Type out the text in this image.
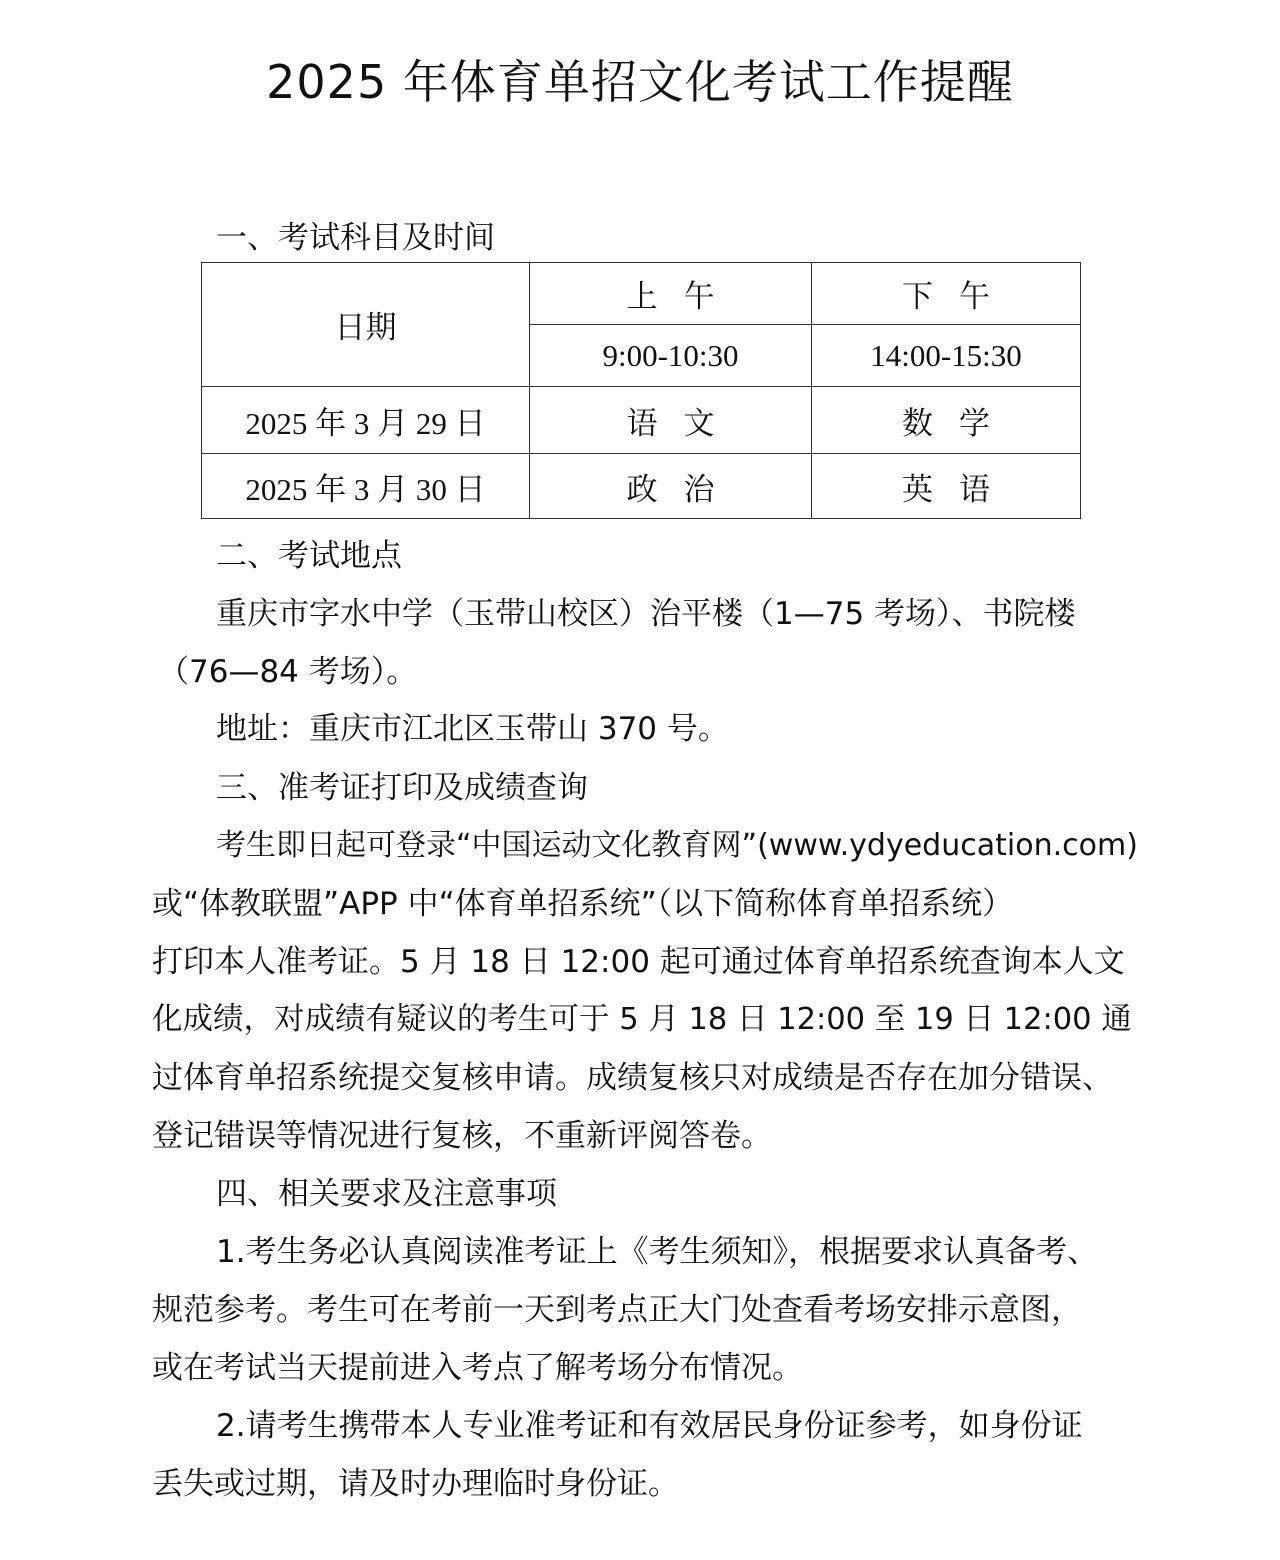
2025 年体育单招文化考试工作提醒
一、考试科目及时间
日期	上午	下午
	9:00-10:30	14:00-15:30
2025 年 3 月 29 日	语文	数学
2025 年 3 月 30 日	政治	英语
二、考试地点
重庆市字水中学（玉带山校区）治平楼（1—75 考场）、书院楼
（76—84 考场）。
地址：重庆市江北区玉带山 370 号。
三、准考证打印及成绩查询
考生即日起可登录“中国运动文化教育网”(www.ydyeducation.com)
或“体教联盟”APP 中“体育单招系统”（以下简称体育单招系统）
打印本人准考证。5 月 18 日 12:00 起可通过体育单招系统查询本人文
化成绩，对成绩有疑议的考生可于 5 月 18 日 12:00 至 19 日 12:00 通
过体育单招系统提交复核申请。成绩复核只对成绩是否存在加分错误、
登记错误等情况进行复核，不重新评阅答卷。
四、相关要求及注意事项
1.考生务必认真阅读准考证上《考生须知》，根据要求认真备考、
规范参考。考生可在考前一天到考点正大门处查看考场安排示意图，
或在考试当天提前进入考点了解考场分布情况。
2.请考生携带本人专业准考证和有效居民身份证参考，如身份证
丢失或过期，请及时办理临时身份证。
